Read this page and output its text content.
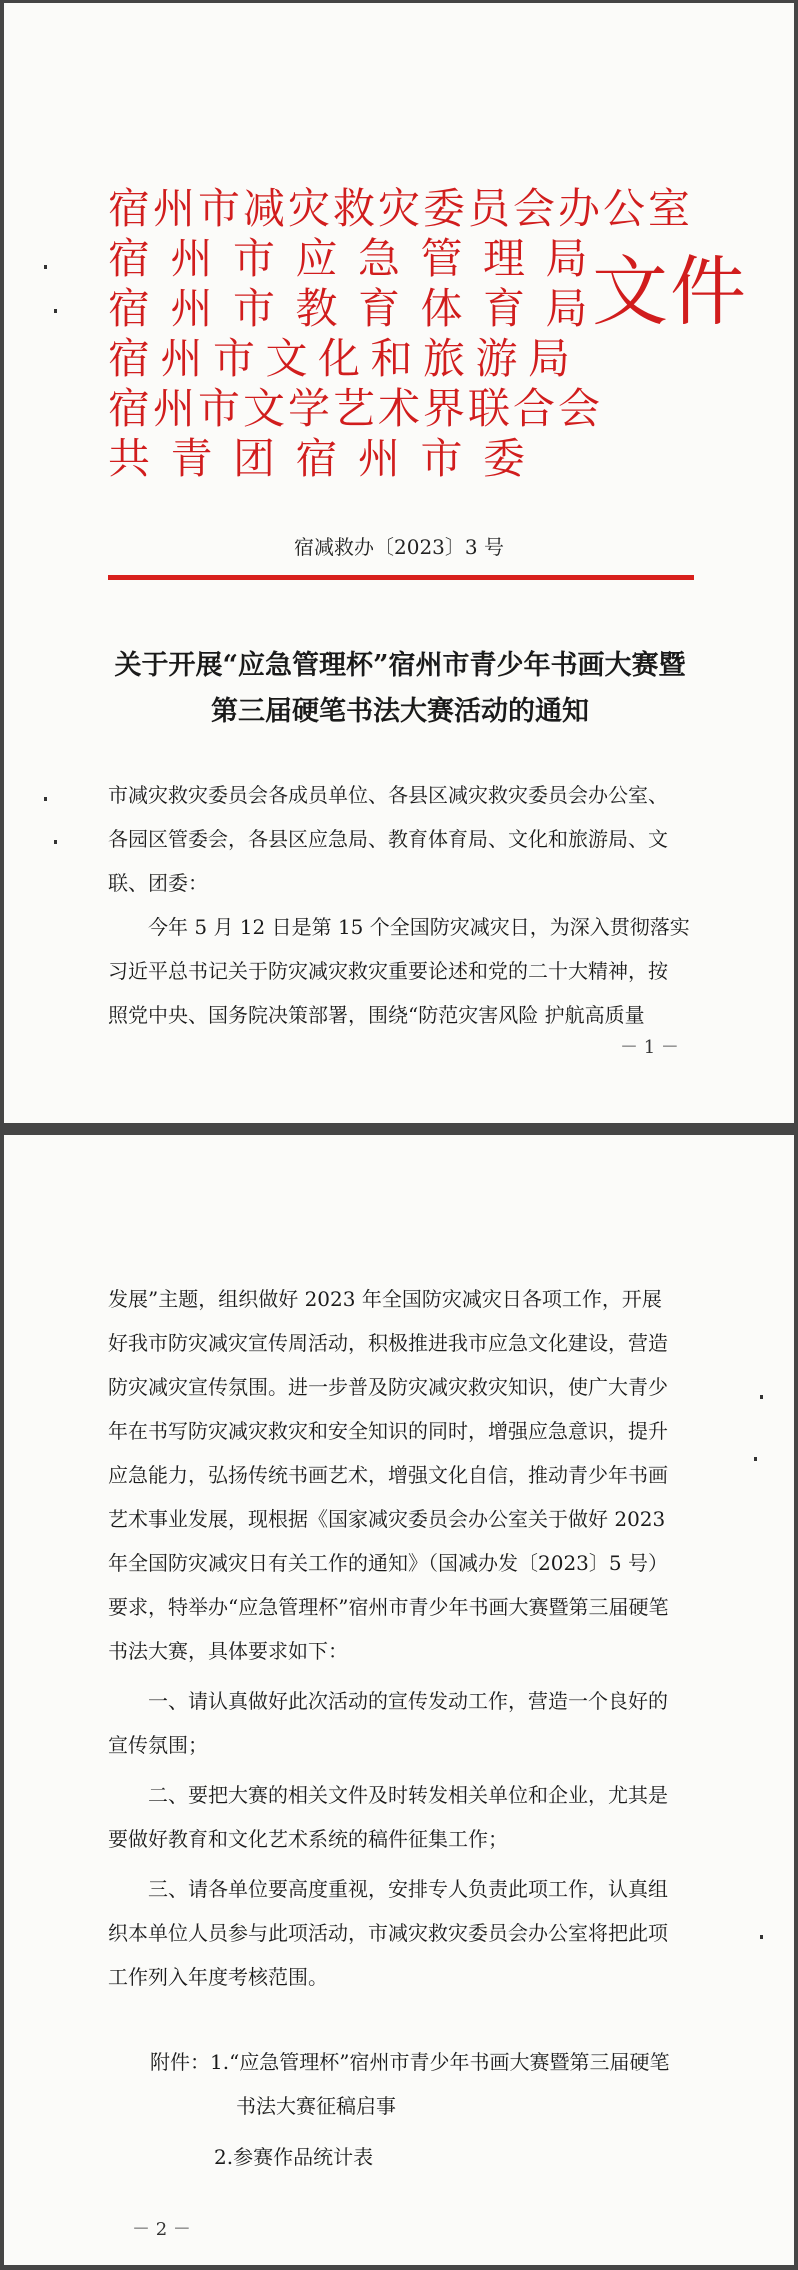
宿州市减灾救灾委员会办公室
宿 州 市 应 急 管 理 局
宿 州 市 教 育 体 育 局
宿 州 市 文 化 和 旅 游 局
宿州市文学艺术界联合会
共 青 团 宿 州 市 委
文件
宿减救办〔2023〕3 号
关于开展“应急管理杯”宿州市青少年书画大赛暨
第三届硬笔书法大赛活动的通知
市减灾救灾委员会各成员单位、各县区减灾救灾委员会办公室、
各园区管委会，各县区应急局、教育体育局、文化和旅游局、文
联、团委：
　　今年 5 月 12 日是第 15 个全国防灾减灾日，为深入贯彻落实
习近平总书记关于防灾减灾救灾重要论述和党的二十大精神，按
照党中央、国务院决策部署，围绕“防范灾害风险 护航高质量
－ 1 －
发展”主题，组织做好 2023 年全国防灾减灾日各项工作，开展
好我市防灾减灾宣传周活动，积极推进我市应急文化建设，营造
防灾减灾宣传氛围。进一步普及防灾减灾救灾知识，使广大青少
年在书写防灾减灾救灾和安全知识的同时，增强应急意识，提升
应急能力，弘扬传统书画艺术，增强文化自信，推动青少年书画
艺术事业发展，现根据《国家减灾委员会办公室关于做好 2023
年全国防灾减灾日有关工作的通知》（国减办发〔2023〕5 号）
要求，特举办“应急管理杯”宿州市青少年书画大赛暨第三届硬笔
书法大赛，具体要求如下：
　　一、请认真做好此次活动的宣传发动工作，营造一个良好的
宣传氛围；
　　二、要把大赛的相关文件及时转发相关单位和企业，尤其是
要做好教育和文化艺术系统的稿件征集工作；
　　三、请各单位要高度重视，安排专人负责此项工作，认真组
织本单位人员参与此项活动，市减灾救灾委员会办公室将把此项
工作列入年度考核范围。
附件：1.“应急管理杯”宿州市青少年书画大赛暨第三届硬笔
书法大赛征稿启事
2.参赛作品统计表
－ 2 －
